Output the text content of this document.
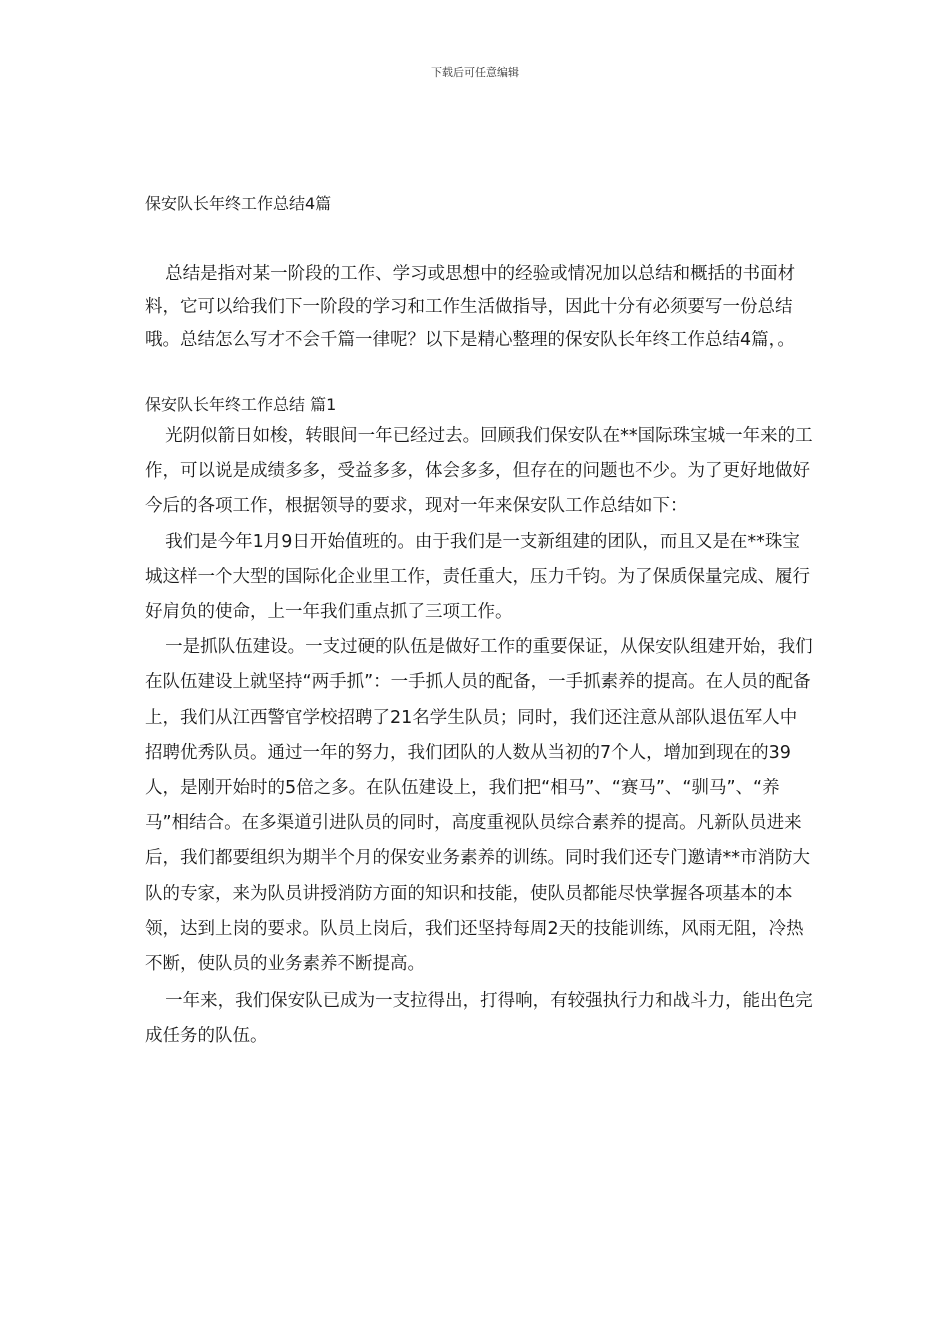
下载后可任意编辑

保安队长年终工作总结4篇

总结是指对某一阶段的工作、学习或思想中的经验或情况加以总结和概括的书面材料，它可以给我们下一阶段的学习和工作生活做指导，因此十分有必须要写一份总结哦。总结怎么写才不会千篇一律呢？以下是精心整理的保安队长年终工作总结4篇，。

保安队长年终工作总结 篇1

光阴似箭日如梭，转眼间一年已经过去。回顾我们保安队在**国际珠宝城一年来的工作，可以说是成绩多多，受益多多，体会多多，但存在的问题也不少。为了更好地做好今后的各项工作，根据领导的要求，现对一年来保安队工作总结如下：

我们是今年1月9日开始值班的。由于我们是一支新组建的团队，而且又是在**珠宝城这样一个大型的国际化企业里工作，责任重大，压力千钧。为了保质保量完成、履行好肩负的使命，上一年我们重点抓了三项工作。

一是抓队伍建设。一支过硬的队伍是做好工作的重要保证，从保安队组建开始，我们在队伍建设上就坚持“两手抓”：一手抓人员的配备，一手抓素养的提高。在人员的配备上，我们从江西警官学校招聘了21名学生队员；同时，我们还注意从部队退伍军人中招聘优秀队员。通过一年的努力，我们团队的人数从当初的7个人，增加到现在的39人，是刚开始时的5倍之多。在队伍建设上，我们把“相马”、“赛马”、“驯马”、“养马”相结合。在多渠道引进队员的同时，高度重视队员综合素养的提高。凡新队员进来后，我们都要组织为期半个月的保安业务素养的训练。同时我们还专门邀请**市消防大队的专家，来为队员讲授消防方面的知识和技能，使队员都能尽快掌握各项基本的本领，达到上岗的要求。队员上岗后，我们还坚持每周2天的技能训练，风雨无阻，冷热不断，使队员的业务素养不断提高。

一年来，我们保安队已成为一支拉得出，打得响，有较强执行力和战斗力，能出色完成任务的队伍。
